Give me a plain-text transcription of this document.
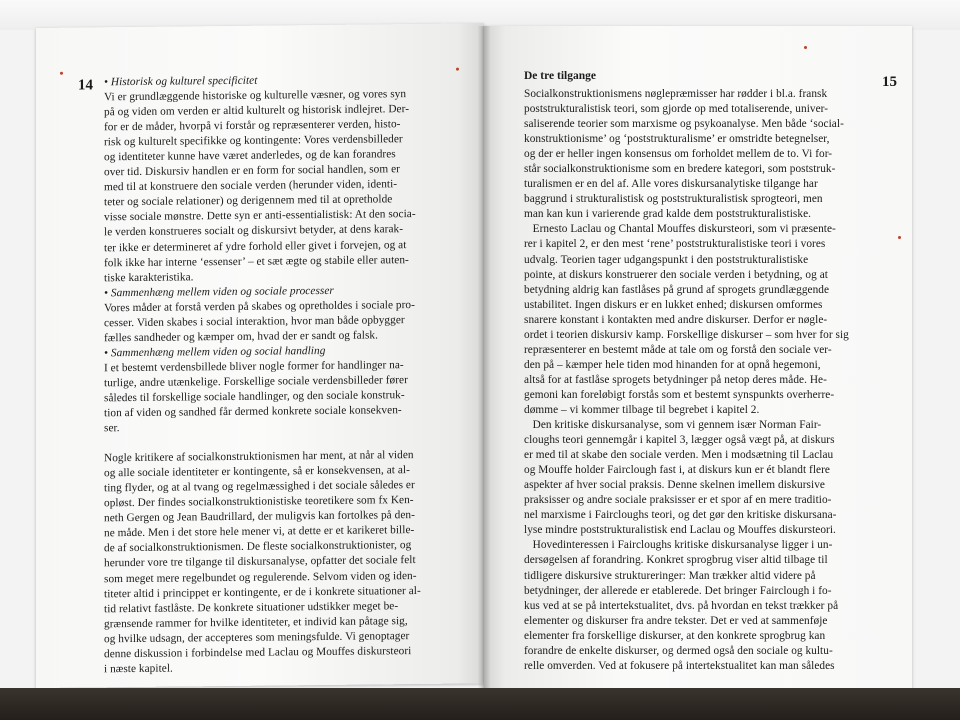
14 • Historisk og kulturel specificitet
Vi er grundlæggende historiske og kulturelle væsner, og vores syn
på og viden om verden er altid kulturelt og historisk indlejret. Der-
for er de måder, hvorpå vi forstår og repræsenterer verden, histo-
risk og kulturelt specifikke og kontingente: Vores verdensbilleder
og identiteter kunne have været anderledes, og de kan forandres
over tid. Diskursiv handlen er en form for social handlen, som er
med til at konstruere den sociale verden (herunder viden, identi-
teter og sociale relationer) og derigennem med til at opretholde
visse sociale mønstre. Dette syn er anti-essentialistisk: At den socia-
le verden konstrueres socialt og diskursivt betyder, at dens karak-
ter ikke er determineret af ydre forhold eller givet i forvejen, og at
folk ikke har interne ‘essenser’ – et sæt ægte og stabile eller auten-
tiske karakteristika.
• Sammenhæng mellem viden og sociale processer
Vores måder at forstå verden på skabes og opretholdes i sociale pro-
cesser. Viden skabes i social interaktion, hvor man både opbygger
fælles sandheder og kæmper om, hvad der er sandt og falsk.
• Sammenhæng mellem viden og social handling
I et bestemt verdensbillede bliver nogle former for handlinger na-
turlige, andre utænkelige. Forskellige sociale verdensbilleder fører
således til forskellige sociale handlinger, og den sociale konstruk-
tion af viden og sandhed får dermed konkrete sociale konsekven-
ser.
Nogle kritikere af socialkonstruktionismen har ment, at når al viden
og alle sociale identiteter er kontingente, så er konsekvensen, at al-
ting flyder, og at al tvang og regelmæssighed i det sociale således er
opløst. Der findes socialkonstruktionistiske teoretikere som fx Ken-
neth Gergen og Jean Baudrillard, der muligvis kan fortolkes på den-
ne måde. Men i det store hele mener vi, at dette er et karikeret bille-
de af socialkonstruktionismen. De fleste socialkonstruktionister, og
herunder vore tre tilgange til diskursanalyse, opfatter det sociale felt
som meget mere regelbundet og regulerende. Selvom viden og iden-
titeter altid i princippet er kontingente, er de i konkrete situationer al-
tid relativt fastlåste. De konkrete situationer udstikker meget be-
grænsende rammer for hvilke identiteter, et individ kan påtage sig,
og hvilke udsagn, der accepteres som meningsfulde. Vi genoptager
denne diskussion i forbindelse med Laclau og Mouffes diskursteori
i næste kapitel.
De tre tilgange	15
Socialkonstruktionismens nøglepræmisser har rødder i bl.a. fransk
poststrukturalistisk teori, som gjorde op med totaliserende, univer-
saliserende teorier som marxisme og psykoanalyse. Men både ‘social-
konstruktionisme’ og ‘poststrukturalisme’ er omstridte betegnelser,
og der er heller ingen konsensus om forholdet mellem de to. Vi for-
står socialkonstruktionisme som en bredere kategori, som poststruk-
turalismen er en del af. Alle vores diskursanalytiske tilgange har
baggrund i strukturalistisk og poststrukturalistisk sprogteori, men
man kan kun i varierende grad kalde dem poststrukturalistiske.
Ernesto Laclau og Chantal Mouffes diskursteori, som vi præsente-
rer i kapitel 2, er den mest ‘rene’ poststrukturalistiske teori i vores
udvalg. Teorien tager udgangspunkt i den poststrukturalistiske
pointe, at diskurs konstruerer den sociale verden i betydning, og at
betydning aldrig kan fastlåses på grund af sprogets grundlæggende
ustabilitet. Ingen diskurs er en lukket enhed; diskursen omformes
snarere konstant i kontakten med andre diskurser. Derfor er nøgle-
ordet i teorien diskursiv kamp. Forskellige diskurser – som hver for sig
repræsenterer en bestemt måde at tale om og forstå den sociale ver-
den på – kæmper hele tiden mod hinanden for at opnå hegemoni,
altså for at fastlåse sprogets betydninger på netop deres måde. He-
gemoni kan foreløbigt forstås som et bestemt synspunkts overherre-
dømme – vi kommer tilbage til begrebet i kapitel 2.
Den kritiske diskursanalyse, som vi gennem især Norman Fair-
cloughs teori gennemgår i kapitel 3, lægger også vægt på, at diskurs
er med til at skabe den sociale verden. Men i modsætning til Laclau
og Mouffe holder Fairclough fast i, at diskurs kun er ét blandt flere
aspekter af hver social praksis. Denne skelnen imellem diskursive
praksisser og andre sociale praksisser er et spor af en mere traditio-
nel marxisme i Faircloughs teori, og det gør den kritiske diskursana-
lyse mindre poststrukturalistisk end Laclau og Mouffes diskursteori.
Hovedinteressen i Faircloughs kritiske diskursanalyse ligger i un-
dersøgelsen af forandring. Konkret sprogbrug viser altid tilbage til
tidligere diskursive struktureringer: Man trækker altid videre på
betydninger, der allerede er etablerede. Det bringer Fairclough i fo-
kus ved at se på intertekstualitet, dvs. på hvordan en tekst trækker på
elementer og diskurser fra andre tekster. Det er ved at sammenføje
elementer fra forskellige diskurser, at den konkrete sprogbrug kan
forandre de enkelte diskurser, og dermed også den sociale og kultu-
relle omverden. Ved at fokusere på intertekstualitet kan man således
